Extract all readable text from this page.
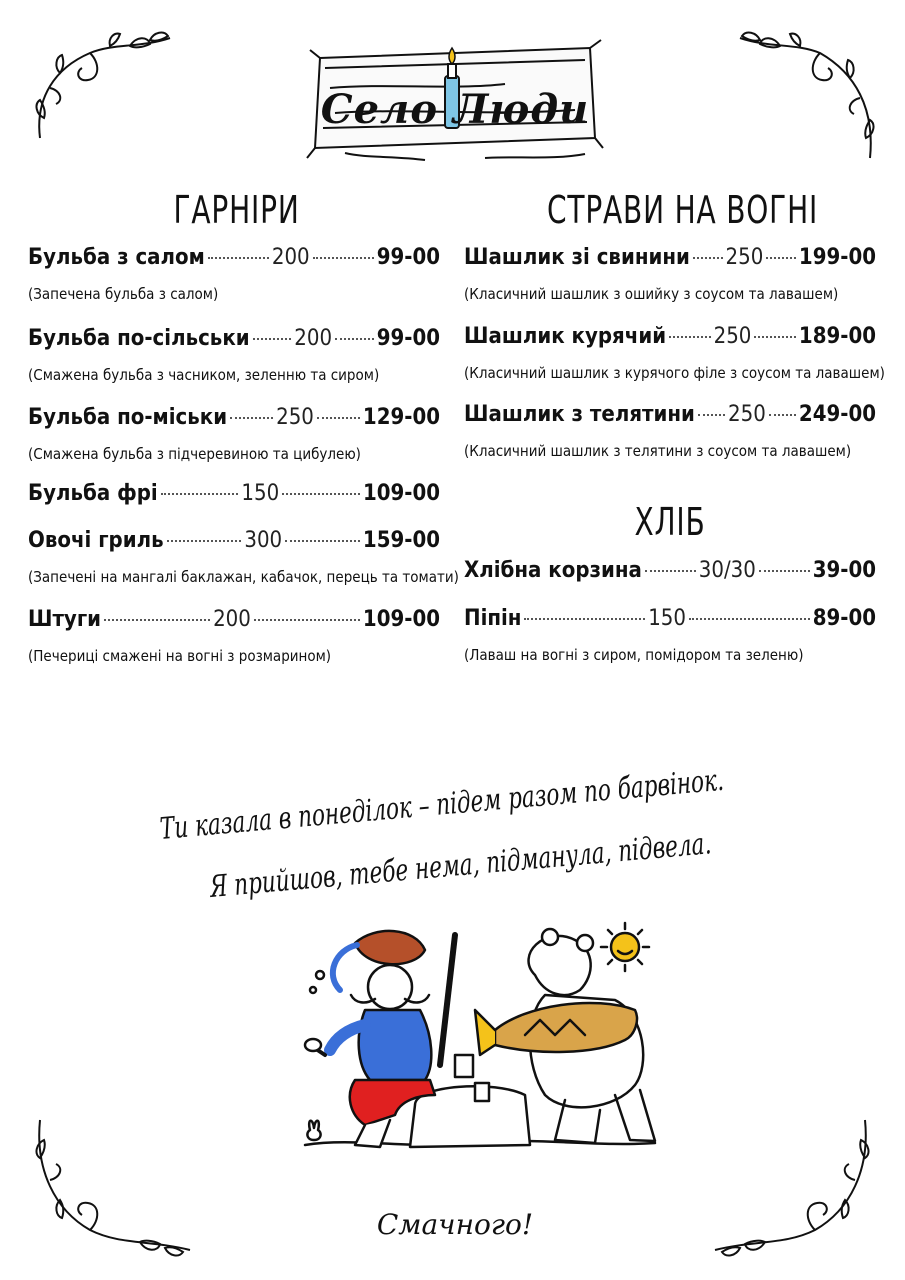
Село Люди
ГАРНІРИ	СТРАВИ НА ВОГНІ
ХЛІБ
Бульба з салом	200	99-00
(Запечена бульба з салом)
Бульба по-сільськи 200 99-00
(Смажена бульба з часником, зеленню та сиром)
Бульба по-міськи 250 129-00
(Смажена бульба з підчеревиною та цибулею)
Бульба фрі	150	109-00
Овочі гриль	300	159-00
(Запечені на мангалі баклажан, кабачок, перець та томати)
Штуги	200	109-00
(Печериці смажені на вогні з розмарином)
Шашлик зі свинини 250 199-00
(Класичний шашлик з ошийку з соусом та лавашем)
Шашлик курячий 250 189-00
(Класичний шашлик з курячого філе з соусом та лавашем)
Шашлик з телятини 250 249-00
(Класичний шашлик з телятини з соусом та лавашем)
Хлібна корзина	30/30	39-00
Піпін	150	89-00
(Лаваш на вогні з сиром, помідором та зеленю)
Ти казала в понеділок – підем разом по барвінок.
Я прийшов, тебе нема, підманула, підвела.
Смачного!
